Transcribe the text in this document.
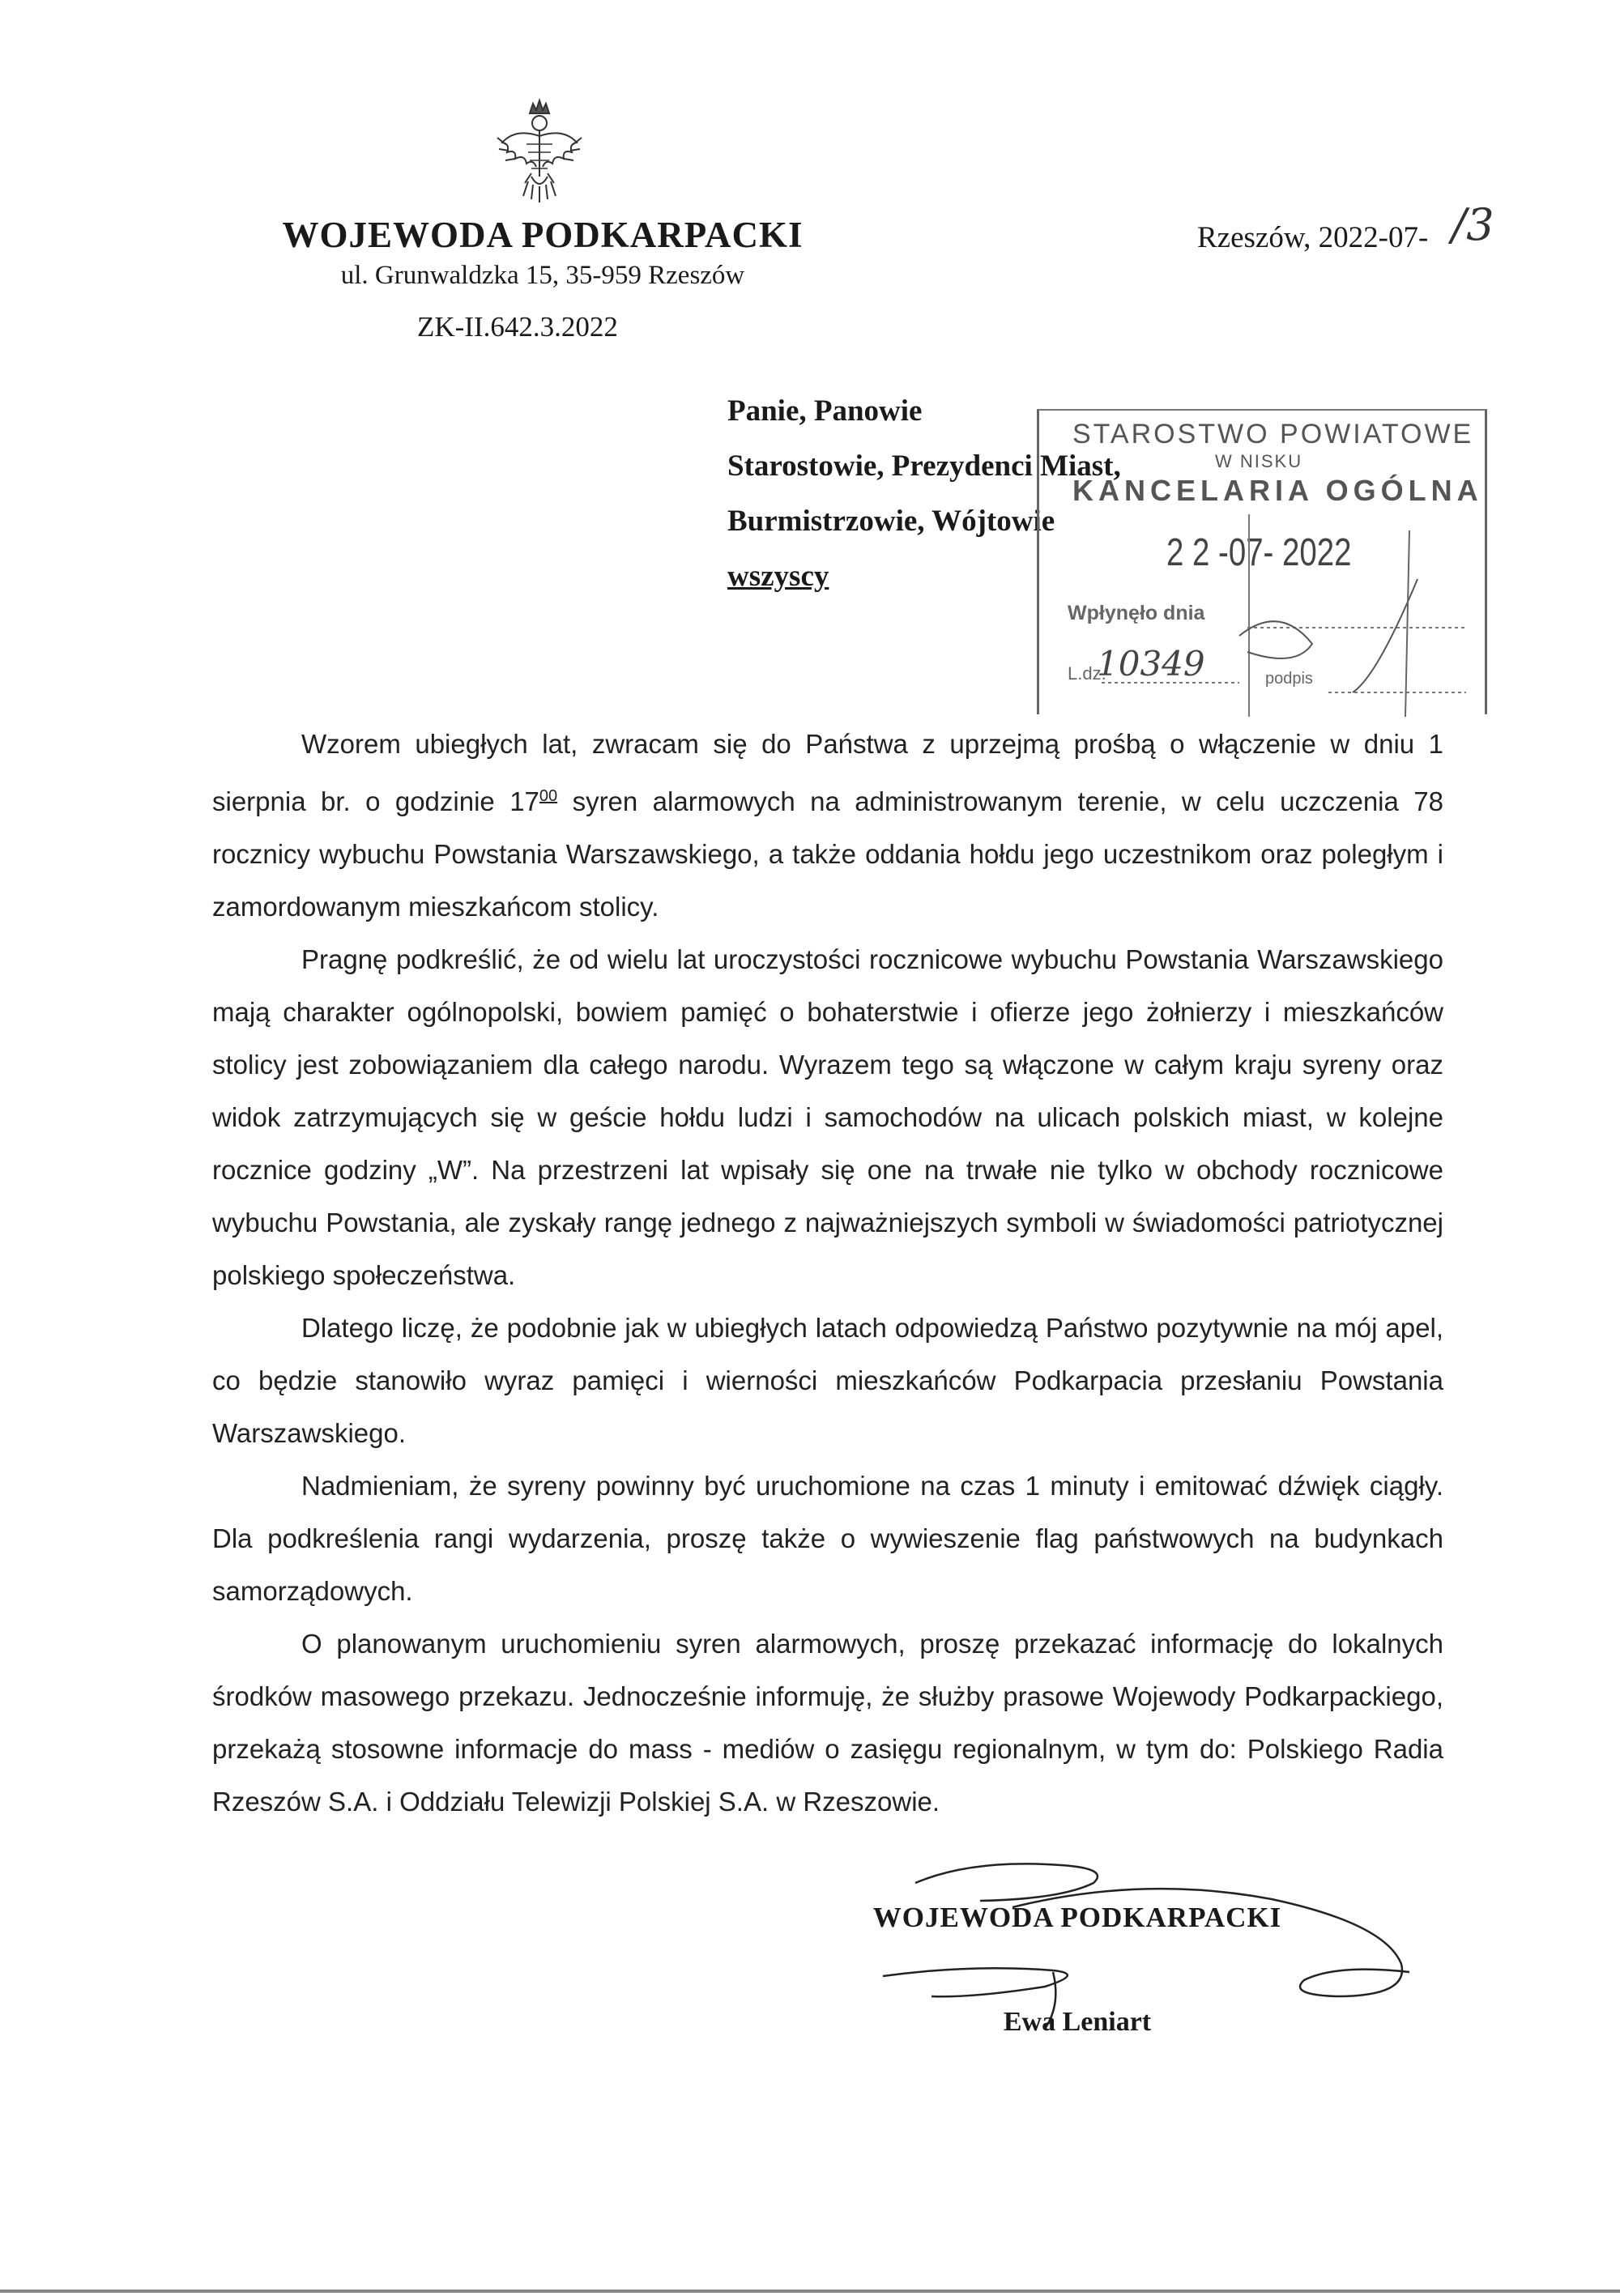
WOJEWODA PODKARPACKI
ul. Grunwaldzka 15, 35-959 Rzeszów
ZK-II.642.3.2022
Rzeszów, 2022-07- /3
Panie, Panowie
Starostowie, Prezydenci Miast,
Burmistrzowie, Wójtowie
wszyscy
STAROSTWO POWIATOWE
W NISKU
KANCELARIA OGÓLNA
2 2 -07- 2022
Wpłynęło dnia
L.dz.
10349	podpis

Wzorem ubiegłych lat, zwracam się do Państwa z uprzejmą prośbą o włączenie w dniu 1 sierpnia br. o godzinie $17^{00}$ syren alarmowych na administrowanym terenie, w celu uczczenia 78 rocznicy wybuchu Powstania Warszawskiego, a także oddania hołdu jego uczestnikom oraz poległym i zamordowanym mieszkańcom stolicy.

Pragnę podkreślić, że od wielu lat uroczystości rocznicowe wybuchu Powstania Warszawskiego mają charakter ogólnopolski, bowiem pamięć o bohaterstwie i ofierze jego żołnierzy i mieszkańców stolicy jest zobowiązaniem dla całego narodu. Wyrazem tego są włączone w całym kraju syreny oraz widok zatrzymujących się w geście hołdu ludzi i samochodów na ulicach polskich miast, w kolejne rocznice godziny „W”. Na przestrzeni lat wpisały się one na trwałe nie tylko w obchody rocznicowe wybuchu Powstania, ale zyskały rangę jednego z najważniejszych symboli w świadomości patriotycznej polskiego społeczeństwa.

Dlatego liczę, że podobnie jak w ubiegłych latach odpowiedzą Państwo pozytywnie na mój apel, co będzie stanowiło wyraz pamięci i wierności mieszkańców Podkarpacia przesłaniu Powstania Warszawskiego.

Nadmieniam, że syreny powinny być uruchomione na czas 1 minuty i emitować dźwięk ciągły. Dla podkreślenia rangi wydarzenia, proszę także o wywieszenie flag państwowych na budynkach samorządowych.

O planowanym uruchomieniu syren alarmowych, proszę przekazać informację do lokalnych środków masowego przekazu. Jednocześnie informuję, że służby prasowe Wojewody Podkarpackiego, przekażą stosowne informacje do mass - mediów o zasięgu regionalnym, w tym do: Polskiego Radia Rzeszów S.A. i Oddziału Telewizji Polskiej S.A. w Rzeszowie.

WOJEWODA PODKARPACKI
Ewa Leniart
